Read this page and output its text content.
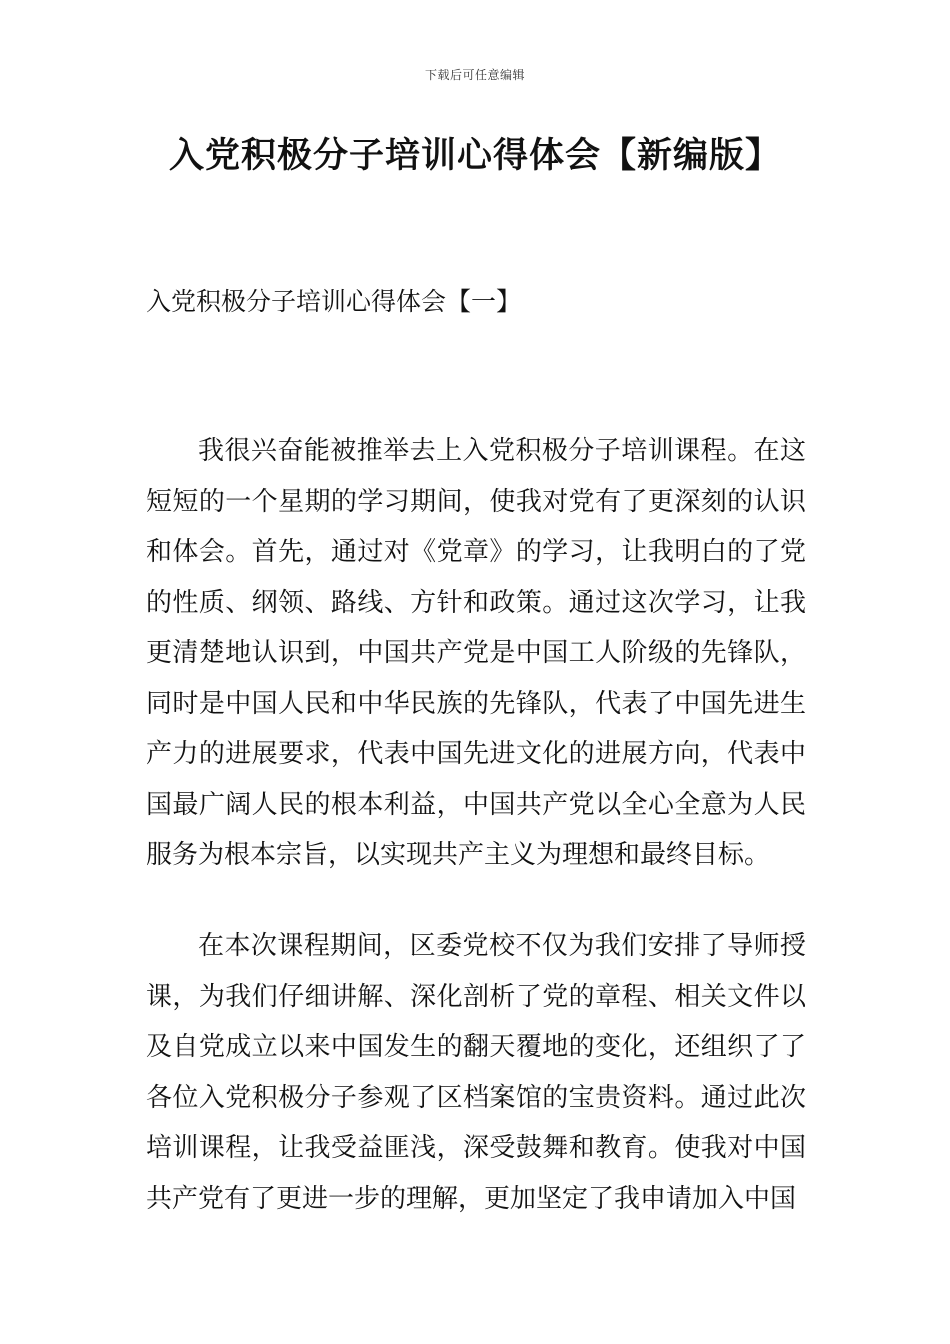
下载后可任意编辑
入党积极分子培训心得体会【新编版】
入党积极分子培训心得体会【一】

我很兴奋能被推举去上入党积极分子培训课程。在这短短的一个星期的学习期间，使我对党有了更深刻的认识和体会。首先，通过对《党章》的学习，让我明白的了党的性质、纲领、路线、方针和政策。通过这次学习，让我更清楚地认识到，中国共产党是中国工人阶级的先锋队，同时是中国人民和中华民族的先锋队，代表了中国先进生产力的进展要求，代表中国先进文化的进展方向，代表中国最广阔人民的根本利益，中国共产党以全心全意为人民服务为根本宗旨，以实现共产主义为理想和最终目标。

在本次课程期间，区委党校不仅为我们安排了导师授课，为我们仔细讲解、深化剖析了党的章程、相关文件以及自党成立以来中国发生的翻天覆地的变化，还组织了了各位入党积极分子参观了区档案馆的宝贵资料。通过此次培训课程，让我受益匪浅，深受鼓舞和教育。使我对中国共产党有了更进一步的理解，更加坚定了我申请加入中国
